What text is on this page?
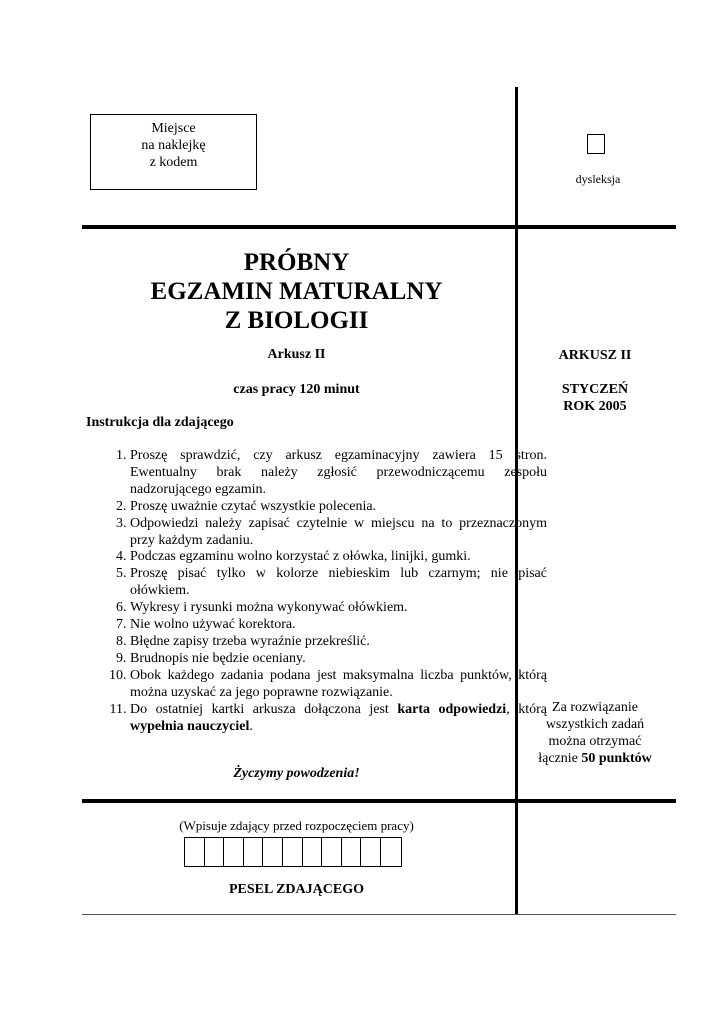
Miejsce
na naklejkę
z kodem
dysleksja
PRÓBNY
EGZAMIN MATURALNY
Z BIOLOGII
Arkusz II
czas pracy 120 minut
ARKUSZ II
STYCZEŃ
ROK 2005
Instrukcja dla zdającego
1. Proszę sprawdzić, czy arkusz egzaminacyjny zawiera 15 stron. Ewentualny brak należy zgłosić przewodniczącemu zespołu nadzorującego egzamin.
2. Proszę uważnie czytać wszystkie polecenia.
3. Odpowiedzi należy zapisać czytelnie w miejscu na to przeznaczonym przy każdym zadaniu.
4. Podczas egzaminu wolno korzystać z ołówka, linijki, gumki.
5. Proszę pisać tylko w kolorze niebieskim lub czarnym; nie pisać ołówkiem.
6. Wykresy i rysunki można wykonywać ołówkiem.
7. Nie wolno używać korektora.
8. Błędne zapisy trzeba wyraźnie przekreślić.
9. Brudnopis nie będzie oceniany.
10. Obok każdego zadania podana jest maksymalna liczba punktów, którą można uzyskać za jego poprawne rozwiązanie.
11. Do ostatniej kartki arkusza dołączona jest karta odpowiedzi, którą wypełnia nauczyciel.
Życzymy powodzenia!
Za rozwiązanie
wszystkich zadań
można otrzymać
łącznie 50 punktów
(Wpisuje zdający przed rozpoczęciem pracy)
PESEL ZDAJĄCEGO
